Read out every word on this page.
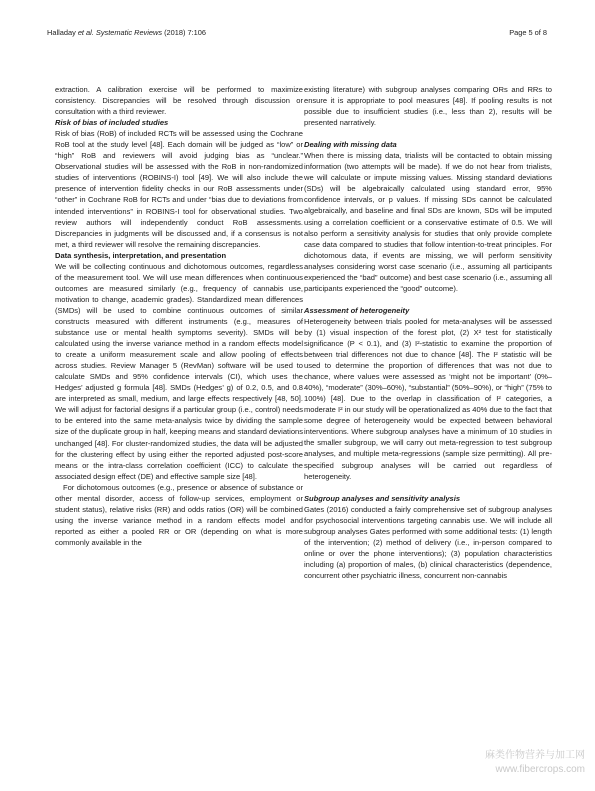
Halladay et al. Systematic Reviews (2018) 7:106	Page 5 of 8

extraction. A calibration exercise will be performed to maximize consistency. Discrepancies will be resolved through discussion or consultation with a third reviewer.

Risk of bias of included studies

Risk of bias (RoB) of included RCTs will be assessed using the Cochrane RoB tool at the study level [48]. Each domain will be judged as “low” or “high” RoB and reviewers will avoid judging bias as “unclear.” Observational studies will be assessed with the RoB in non-randomized studies of interventions (ROBINS-I) tool [49]. We will also include the presence of intervention fidelity checks in our RoB assessments under “other” in Cochrane RoB for RCTs and under “bias due to deviations from intended interventions” in ROBINS-I tool for observational studies. Two review authors will independently conduct RoB assessments. Discrepancies in judgments will be discussed and, if a consensus is not met, a third reviewer will resolve the remaining discrepancies.

Data synthesis, interpretation, and presentation

We will be collecting continuous and dichotomous outcomes, regardless of the measurement tool. We will use mean differences when continuous outcomes are measured similarly (e.g., frequency of cannabis use, motivation to change, academic grades). Standardized mean differences (SMDs) will be used to combine continuous outcomes of similar constructs measured with different instruments (e.g., measures of substance use or mental health symptoms severity). SMDs will be calculated using the inverse variance method in a random effects model to create a uniform measurement scale and allow pooling of effects across studies. Review Manager 5 (RevMan) software will be used to calculate SMDs and 95% confidence intervals (CI), which uses the Hedges’ adjusted g formula [48]. SMDs (Hedges’ g) of 0.2, 0.5, and 0.8 are interpreted as small, medium, and large effects respectively [48, 50]. We will adjust for factorial designs if a particular group (i.e., control) needs to be entered into the same meta-analysis twice by dividing the sample size of the duplicate group in half, keeping means and standard deviations unchanged [48]. For cluster-randomized studies, the data will be adjusted for the clustering effect by using either the reported adjusted post-score means or the intra-class correlation coefficient (ICC) to calculate the associated design effect (DE) and effective sample size [48].

For dichotomous outcomes (e.g., presence or absence of substance or other mental disorder, access of follow-up services, employment or student status), relative risks (RR) and odds ratios (OR) will be combined using the inverse variance method in a random effects model and reported as either a pooled RR or OR (depending on what is more commonly available in the

existing literature) with subgroup analyses comparing ORs and RRs to ensure it is appropriate to pool measures [48]. If pooling results is not possible due to insufficient studies (i.e., less than 2), results will be presented narratively.

Dealing with missing data

When there is missing data, trialists will be contacted to obtain missing information (two attempts will be made). If we do not hear from trialists, we will calculate or impute missing values. Missing standard deviations (SDs) will be algebraically calculated using standard error, 95% confidence intervals, or p values. If missing SDs cannot be calculated algebraically, and baseline and final SDs are known, SDs will be imputed using a correlation coefficient or a conservative estimate of 0.5. We will also perform a sensitivity analysis for studies that only provide complete case data compared to studies that follow intention-to-treat principles. For dichotomous data, if events are missing, we will perform sensitivity analyses considering worst case scenario (i.e., assuming all participants experienced the “bad” outcome) and best case scenario (i.e., assuming all participants experienced the “good” outcome).

Assessment of heterogeneity

Heterogeneity between trials pooled for meta-analyses will be assessed by (1) visual inspection of the forest plot, (2) X² test for statistically significance (P < 0.1), and (3) I²-statistic to examine the proportion of between trial differences not due to chance [48]. The I² statistic will be used to determine the proportion of differences that was not due to chance, where values were assessed as ‘might not be important’ (0%–40%), “moderate” (30%–60%), “substantial” (50%–90%), or “high” (75% to 100%) [48]. Due to the overlap in classification of I² categories, a moderate I² in our study will be operationalized as 40% due to the fact that some degree of heterogeneity would be expected between behavioral interventions. Where subgroup analyses have a minimum of 10 studies in the smaller subgroup, we will carry out meta-regression to test subgroup analyses, and multiple meta-regressions (sample size permitting). All pre-specified subgroup analyses will be carried out regardless of heterogeneity.

Subgroup analyses and sensitivity analysis

Gates (2016) conducted a fairly comprehensive set of subgroup analyses for psychosocial interventions targeting cannabis use. We will include all subgroup analyses Gates performed with some additional tests: (1) length of the intervention; (2) method of delivery (i.e., in-person compared to online or over the phone interventions); (3) population characteristics including (a) proportion of males, (b) clinical characteristics (dependence, concurrent other psychiatric illness, concurrent non-cannabis

麻类作物营养与加工网
www.fibercrops.com
